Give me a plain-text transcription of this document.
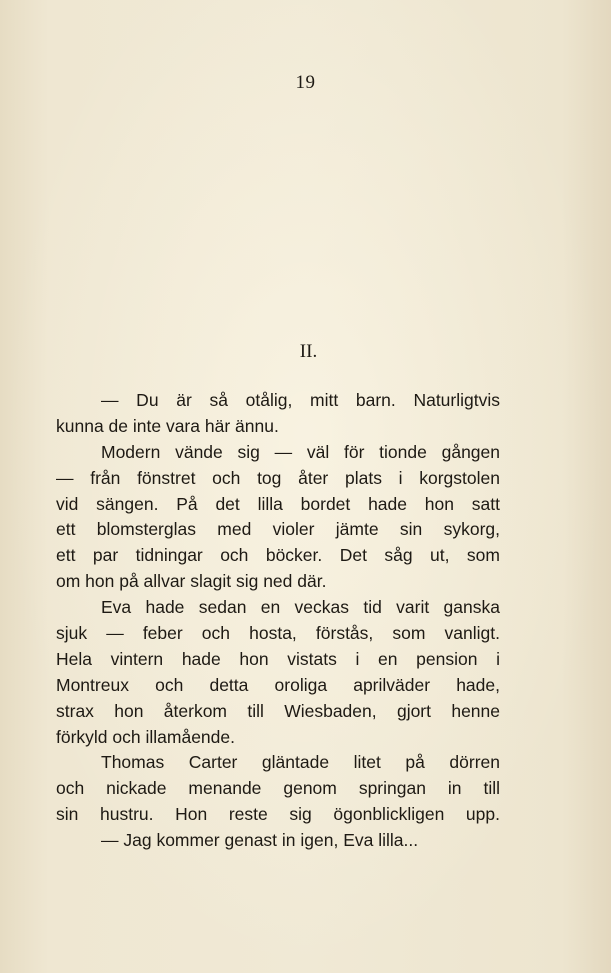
19
II.
— Du är så otålig, mitt barn. Naturligtvis
kunna de inte vara här ännu.
Modern vände sig — väl för tionde gången
— från fönstret och tog åter plats i korgstolen
vid sängen. På det lilla bordet hade hon satt
ett blomsterglas med violer jämte sin sykorg,
ett par tidningar och böcker. Det såg ut, som
om hon på allvar slagit sig ned där.
Eva hade sedan en veckas tid varit ganska
sjuk — feber och hosta, förstås, som vanligt.
Hela vintern hade hon vistats i en pension i
Montreux och detta oroliga aprilväder hade,
strax hon återkom till Wiesbaden, gjort henne
förkyld och illamående.
Thomas Carter gläntade litet på dörren
och nickade menande genom springan in till
sin hustru. Hon reste sig ögonblickligen upp.
— Jag kommer genast in igen, Eva lilla...
